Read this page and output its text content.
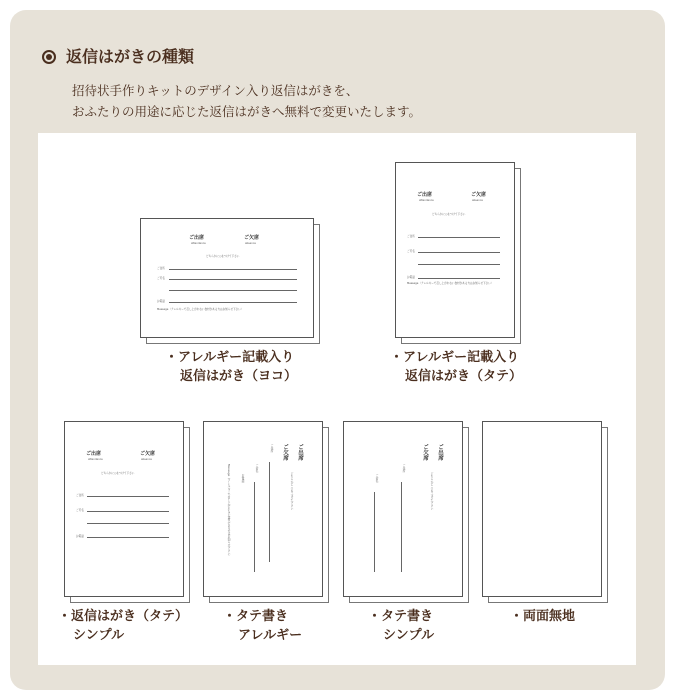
返信はがきの種類
招待状手作りキットのデザイン入り返信はがきを、
おふたりの用途に応じた返信はがきへ無料で変更いたします。
ご出席	ご欠席
attendance	absence
どちらかに○をつけて下さい
ご住所
ご芳名
お電話
Message（アレルギーで召し上がれない食材がある方はお知らせ下さい）
ご出席	ご欠席
attendance	absence
どちらかに○をつけて下さい
ご住所
ご芳名
お電話
Message（アレルギーで召し上がれない食材がある方はお知らせ下さい）
ご出席	ご欠席
attendance	absence
どちらかに○をつけて下さい
ご住所
ご芳名
お電話
ご出席
ご欠席
どちらかに○をつけて下さい
ご住所
ご芳名
お電話
Message（アレルギーで召し上がれない食材がある方はお知らせ下さい）
ご出席
ご欠席
どちらかに○をつけて下さい
ご住所
ご芳名
・アレルギー記載入り
返信はがき（ヨコ）
・アレルギー記載入り
返信はがき（タテ）
・返信はがき（タテ）
シンプル
・タテ書き
アレルギー
・タテ書き
シンプル
・両面無地
